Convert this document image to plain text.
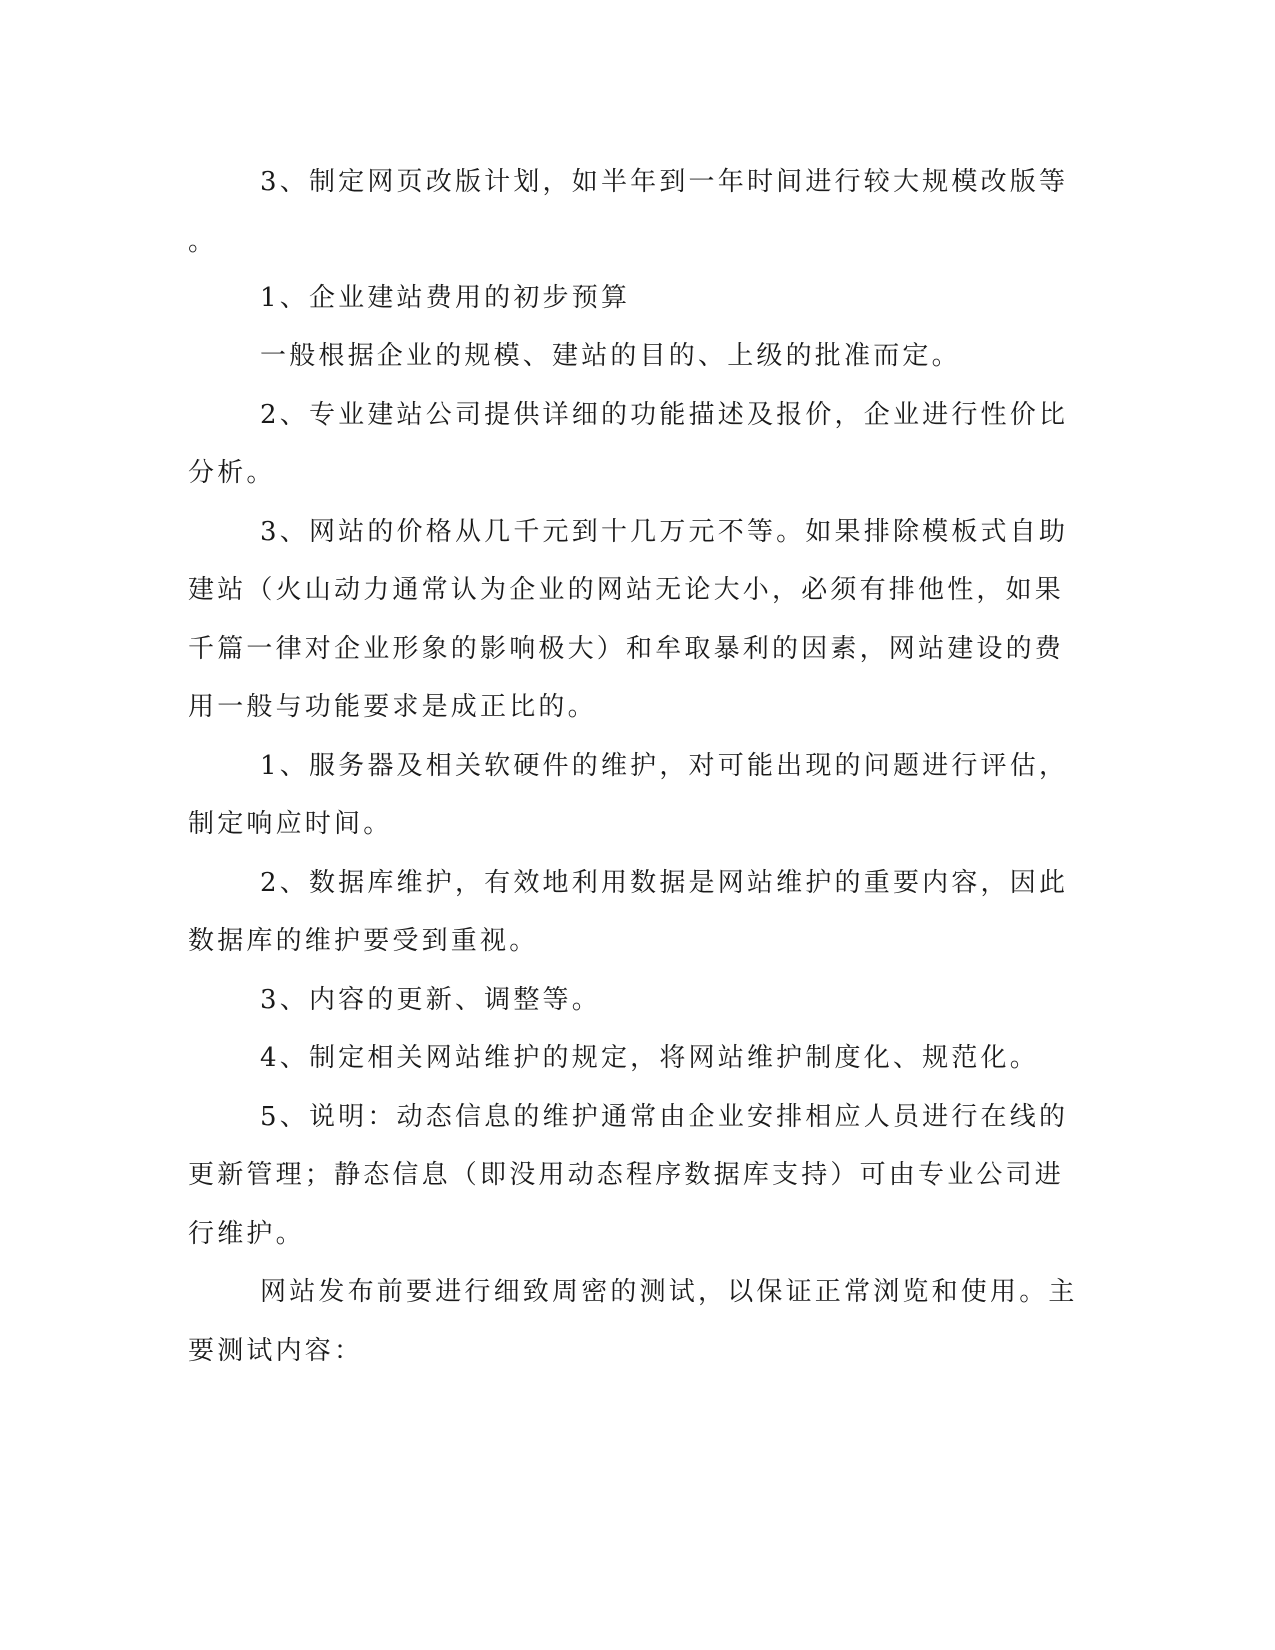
3、制定网页改版计划，如半年到一年时间进行较大规模改版等
。
1、企业建站费用的初步预算
一般根据企业的规模、建站的目的、上级的批准而定。
2、专业建站公司提供详细的功能描述及报价，企业进行性价比
分析。
3、网站的价格从几千元到十几万元不等。如果排除模板式自助
建站（火山动力通常认为企业的网站无论大小，必须有排他性，如果
千篇一律对企业形象的影响极大）和牟取暴利的因素，网站建设的费
用一般与功能要求是成正比的。
1、服务器及相关软硬件的维护，对可能出现的问题进行评估，
制定响应时间。
2、数据库维护，有效地利用数据是网站维护的重要内容，因此
数据库的维护要受到重视。
3、内容的更新、调整等。
4、制定相关网站维护的规定，将网站维护制度化、规范化。
5、说明：动态信息的维护通常由企业安排相应人员进行在线的
更新管理；静态信息（即没用动态程序数据库支持）可由专业公司进
行维护。
网站发布前要进行细致周密的测试，以保证正常浏览和使用。主
要测试内容：
